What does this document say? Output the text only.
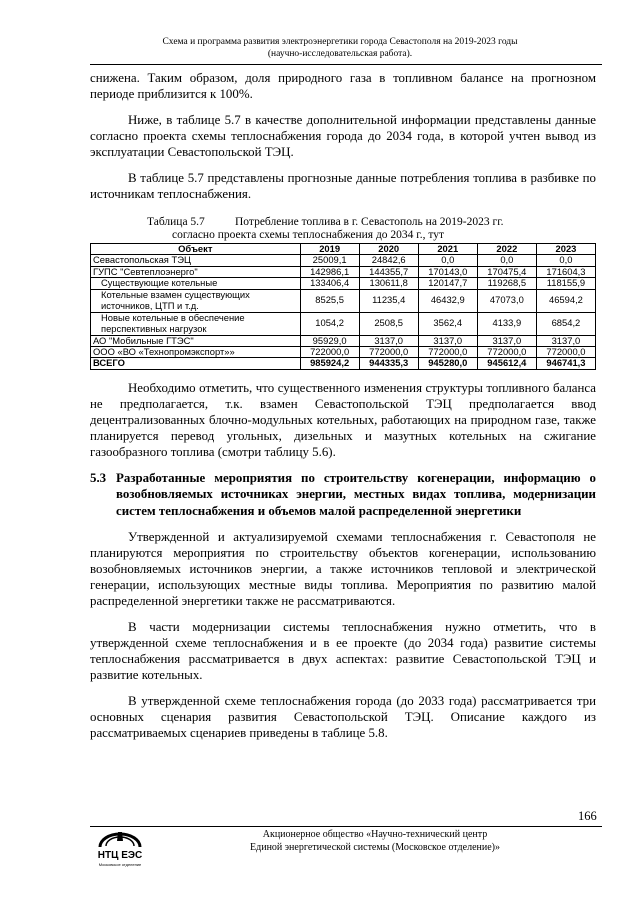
Схема и программа развития электроэнергетики города Севастополя на 2019-2023 годы
(научно-исследовательская работа).

снижена. Таким образом, доля природного газа в топливном балансе на прогнозном периоде приблизится к 100%.

Ниже, в таблице 5.7 в качестве дополнительной информации представлены данные согласно проекта схемы теплоснабжения города до 2034 года, в которой учтен вывод из эксплуатации Севастопольской ТЭЦ.

В таблице 5.7 представлены прогнозные данные потребления топлива в разбивке по источникам теплоснабжения.

Таблица 5.7	Потребление топлива в г. Севастополь на 2019-2023 гг.
согласно проекта схемы теплоснабжения до 2034 г., тут
Объект	2019	2020	2021	2022	2023
Севастопольская ТЭЦ	25009,1	24842,6	0,0	0,0	0,0
ГУПС "Севтеплоэнерго"	142986,1	144355,7	170143,0	170475,4	171604,3
Существующие котельные	133406,4	130611,8	120147,7	119268,5	118155,9
Котельные взамен существующих источников, ЦТП и т.д.	8525,5	11235,4	46432,9	47073,0	46594,2
Новые котельные в обеспечение перспективных нагрузок	1054,2	2508,5	3562,4	4133,9	6854,2
АО "Мобильные ГТЭС"	95929,0	3137,0	3137,0	3137,0	3137,0
ООО «ВО «Технопромэкспорт»»	722000,0	772000,0	772000,0	772000,0	772000,0
ВСЕГО	985924,2	944335,3	945280,0	945612,4	946741,3

Необходимо отметить, что существенного изменения структуры топливного баланса не предполагается, т.к. взамен Севастопольской ТЭЦ предполагается ввод децентрализованных блочно-модульных котельных, работающих на природном газе, также планируется перевод угольных, дизельных и мазутных котельных на сжигание газообразного топлива (смотри таблицу 5.6).

5.3 Разработанные мероприятия по строительству когенерации, информацию о возобновляемых источниках энергии, местных видах топлива, модернизации систем теплоснабжения и объемов малой распределенной энергетики

Утвержденной и актуализируемой схемами теплоснабжения г. Севастополя не планируются мероприятия по строительству объектов когенерации, использованию возобновляемых источников энергии, а также источников тепловой и электрической генерации, использующих местные виды топлива. Мероприятия по развитию малой распределенной энергетики также не рассматриваются.

В части модернизации системы теплоснабжения нужно отметить, что в утвержденной схеме теплоснабжения и в ее проекте (до 2034 года) развитие системы теплоснабжения рассматривается в двух аспектах: развитие Севастопольской ТЭЦ и развитие котельных.

В утвержденной схеме теплоснабжения города (до 2033 года) рассматривается три основных сценария развития Севастопольской ТЭЦ. Описание каждого из рассматриваемых сценариев приведены в таблице 5.8.

166
НТЦ ЕЭС
Московское отделение
Акционерное общество «Научно-технический центр
Единой энергетической системы (Московское отделение)»
